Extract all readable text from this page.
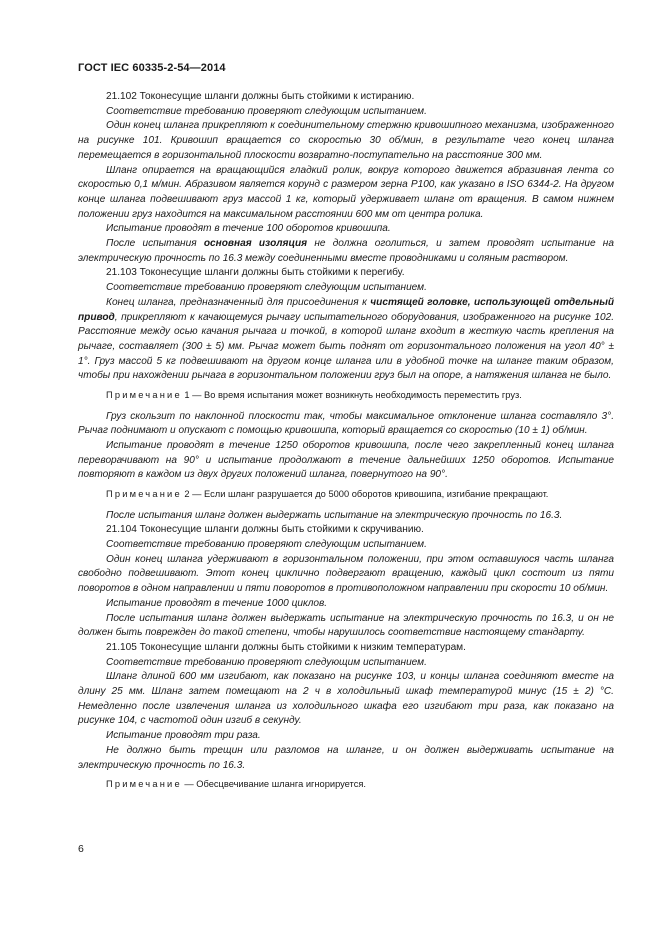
ГОСТ IEC 60335-2-54—2014

21.102 Токонесущие шланги должны быть стойкими к истиранию.

Соответствие требованию проверяют следующим испытанием.

Один конец шланга прикрепляют к соединительному стержню кривошипного механизма, изображенного на рисунке 101. Кривошип вращается со скоростью 30 об/мин, в результате чего конец шланга перемещается в горизонтальной плоскости возвратно-поступательно на расстояние 300 мм.

Шланг опирается на вращающийся гладкий ролик, вокруг которого движется абразивная лента со скоростью 0,1 м/мин. Абразивом является корунд с размером зерна Р100, как указано в ISO 6344-2. На другом конце шланга подвешивают груз массой 1 кг, который удерживает шланг от вращения. В самом нижнем положении груз находится на максимальном расстоянии 600 мм от центра ролика.

Испытание проводят в течение 100 оборотов кривошипа.

После испытания основная изоляция не должна оголиться, и затем проводят испытание на электрическую прочность по 16.3 между соединенными вместе проводниками и соляным раствором.

21.103 Токонесущие шланги должны быть стойкими к перегибу.

Соответствие требованию проверяют следующим испытанием.

Конец шланга, предназначенный для присоединения к чистящей головке, использующей отдельный привод, прикрепляют к качающемуся рычагу испытательного оборудования, изображенного на рисунке 102. Расстояние между осью качания рычага и точкой, в которой шланг входит в жесткую часть крепления на рычаге, составляет (300 ± 5) мм. Рычаг может быть поднят от горизонтального положения на угол 40° ± 1°. Груз массой 5 кг подвешивают на другом конце шланга или в удобной точке на шланге таким образом, чтобы при нахождении рычага в горизонтальном положении груз был на опоре, а натяжения шланга не было.

Примечание 1 — Во время испытания может возникнуть необходимость переместить груз.

Груз скользит по наклонной плоскости так, чтобы максимальное отклонение шланга составляло 3°. Рычаг поднимают и опускают с помощью кривошипа, который вращается со скоростью (10 ± 1) об/мин.

Испытание проводят в течение 1250 оборотов кривошипа, после чего закрепленный конец шланга переворачивают на 90° и испытание продолжают в течение дальнейших 1250 оборотов. Испытание повторяют в каждом из двух других положений шланга, повернутого на 90°.

Примечание 2 — Если шланг разрушается до 5000 оборотов кривошипа, изгибание прекращают.

После испытания шланг должен выдержать испытание на электрическую прочность по 16.3.

21.104 Токонесущие шланги должны быть стойкими к скручиванию.

Соответствие требованию проверяют следующим испытанием.

Один конец шланга удерживают в горизонтальном положении, при этом оставшуюся часть шланга свободно подвешивают. Этот конец циклично подвергают вращению, каждый цикл состоит из пяти поворотов в одном направлении и пяти поворотов в противоположном направлении при скорости 10 об/мин.

Испытание проводят в течение 1000 циклов.

После испытания шланг должен выдержать испытание на электрическую прочность по 16.3, и он не должен быть поврежден до такой степени, чтобы нарушилось соответствие настоящему стандарту.

21.105 Токонесущие шланги должны быть стойкими к низким температурам.

Соответствие требованию проверяют следующим испытанием.

Шланг длиной 600 мм изгибают, как показано на рисунке 103, и концы шланга соединяют вместе на длину 25 мм. Шланг затем помещают на 2 ч в холодильный шкаф температурой минус (15 ± 2) °С. Немедленно после извлечения шланга из холодильного шкафа его изгибают три раза, как показано на рисунке 104, с частотой один изгиб в секунду.

Испытание проводят три раза.

Не должно быть трещин или разломов на шланге, и он должен выдерживать испытание на электрическую прочность по 16.3.

Примечание — Обесцвечивание шланга игнорируется.

6
